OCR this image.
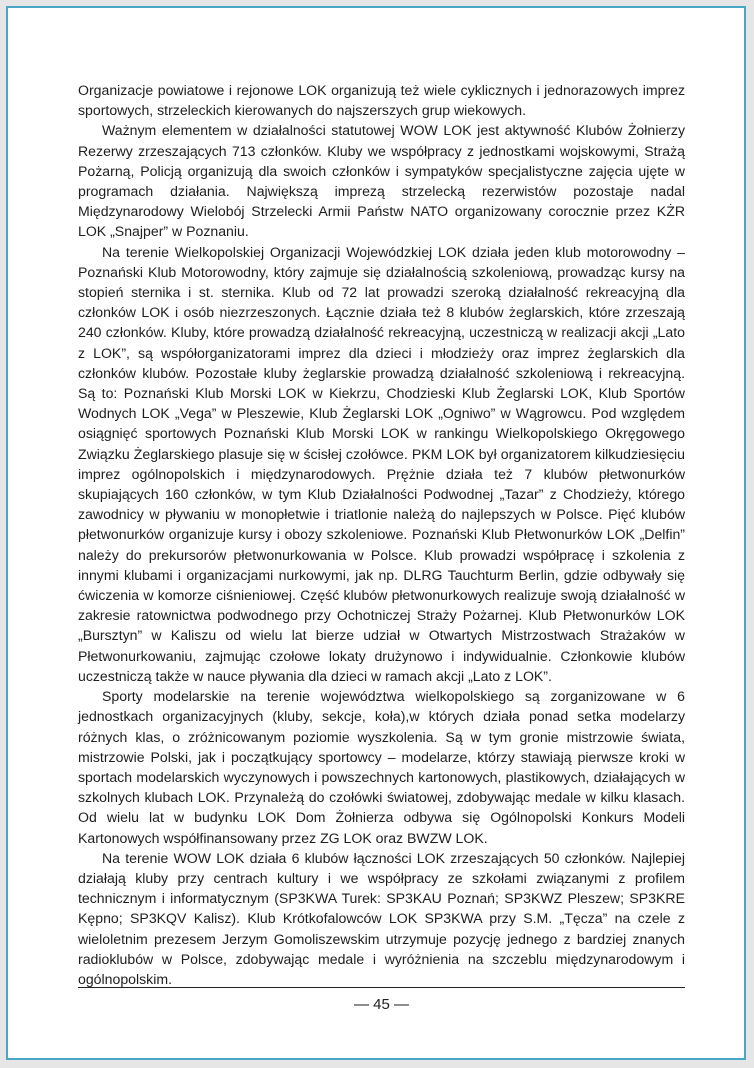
Organizacje powiatowe i rejonowe LOK organizują też wiele cyklicznych i jednorazowych imprez sportowych, strzeleckich kierowanych do najszerszych grup wiekowych.

Ważnym elementem w działalności statutowej WOW LOK jest aktywność Klubów Żołnierzy Rezerwy zrzeszających 713 członków. Kluby we współpracy z jednostkami wojskowymi, Strażą Pożarną, Policją organizują dla swoich członków i sympatyków specjalistyczne zajęcia ujęte w programach działania. Największą imprezą strzelecką rezerwistów pozostaje nadal Międzynarodowy Wielobój Strzelecki Armii Państw NATO organizowany corocznie przez KŻR LOK „Snajper” w Poznaniu.

Na terenie Wielkopolskiej Organizacji Wojewódzkiej LOK działa jeden klub motorowodny – Poznański Klub Motorowodny, który zajmuje się działalnością szkoleniową, prowadząc kursy na stopień sternika i st. sternika. Klub od 72 lat prowadzi szeroką działalność rekreacyjną dla członków LOK i osób niezrzeszonych. Łącznie działa też 8 klubów żeglarskich, które zrzeszają 240 członków. Kluby, które prowadzą działalność rekreacyjną, uczestniczą w realizacji akcji „Lato z LOK”, są współorganizatorami imprez dla dzieci i młodzieży oraz imprez żeglarskich dla członków klubów. Pozostałe kluby żeglarskie prowadzą działalność szkoleniową i rekreacyjną. Są to: Poznański Klub Morski LOK w Kiekrzu, Chodzieski Klub Żeglarski LOK, Klub Sportów Wodnych LOK „Vega” w Pleszewie, Klub Żeglarski LOK „Ogniwo” w Wągrowcu. Pod względem osiągnięć sportowych Poznański Klub Morski LOK w rankingu Wielkopolskiego Okręgowego Związku Żeglarskiego plasuje się w ścisłej czołówce. PKM LOK był organizatorem kilkudziesięciu imprez ogólnopolskich i międzynarodowych. Prężnie działa też 7 klubów płetwonurków skupiających 160 członków, w tym Klub Działalności Podwodnej „Tazar” z Chodzieży, którego zawodnicy w pływaniu w monopłetwie i triatlonie należą do najlepszych w Polsce. Pięć klubów płetwonurków organizuje kursy i obozy szkoleniowe. Poznański Klub Płetwonurków LOK „Delfin” należy do prekursorów płetwonurkowania w Polsce. Klub prowadzi współpracę i szkolenia z innymi klubami i organizacjami nurkowymi, jak np. DLRG Tauchturm Berlin, gdzie odbywały się ćwiczenia w komorze ciśnieniowej. Część klubów płetwonurkowych realizuje swoją działalność w zakresie ratownictwa podwodnego przy Ochotniczej Straży Pożarnej. Klub Płetwonurków LOK „Bursztyn” w Kaliszu od wielu lat bierze udział w Otwartych Mistrzostwach Strażaków w Płetwonurkowaniu, zajmując czołowe lokaty drużynowo i indywidualnie. Członkowie klubów uczestniczą także w nauce pływania dla dzieci w ramach akcji „Lato z LOK”.

Sporty modelarskie na terenie województwa wielkopolskiego są zorganizowane w 6 jednostkach organizacyjnych (kluby, sekcje, koła),w których działa ponad setka modelarzy różnych klas, o zróżnicowanym poziomie wyszkolenia. Są w tym gronie mistrzowie świata, mistrzowie Polski, jak i początkujący sportowcy – modelarze, którzy stawiają pierwsze kroki w sportach modelarskich wyczynowych i powszechnych kartonowych, plastikowych, działających w szkolnych klubach LOK. Przynależą do czołówki światowej, zdobywając medale w kilku klasach. Od wielu lat w budynku LOK Dom Żołnierza odbywa się Ogólnopolski Konkurs Modeli Kartonowych współfinansowany przez ZG LOK oraz BWZW LOK.

Na terenie WOW LOK działa 6 klubów łączności LOK zrzeszających 50 członków. Najlepiej działają kluby przy centrach kultury i we współpracy ze szkołami związanymi z profilem technicznym i informatycznym (SP3KWA Turek: SP3KAU Poznań; SP3KWZ Pleszew; SP3KRE Kępno; SP3KQV Kalisz). Klub Krótkofalowców LOK SP3KWA przy S.M. „Tęcza” na czele z wieloletnim prezesem Jerzym Gomoliszewskim utrzymuje pozycję jednego z bardziej znanych radioklubów w Polsce, zdobywając medale i wyróżnienia na szczeblu międzynarodowym i ogólnopolskim.

— 45 —
